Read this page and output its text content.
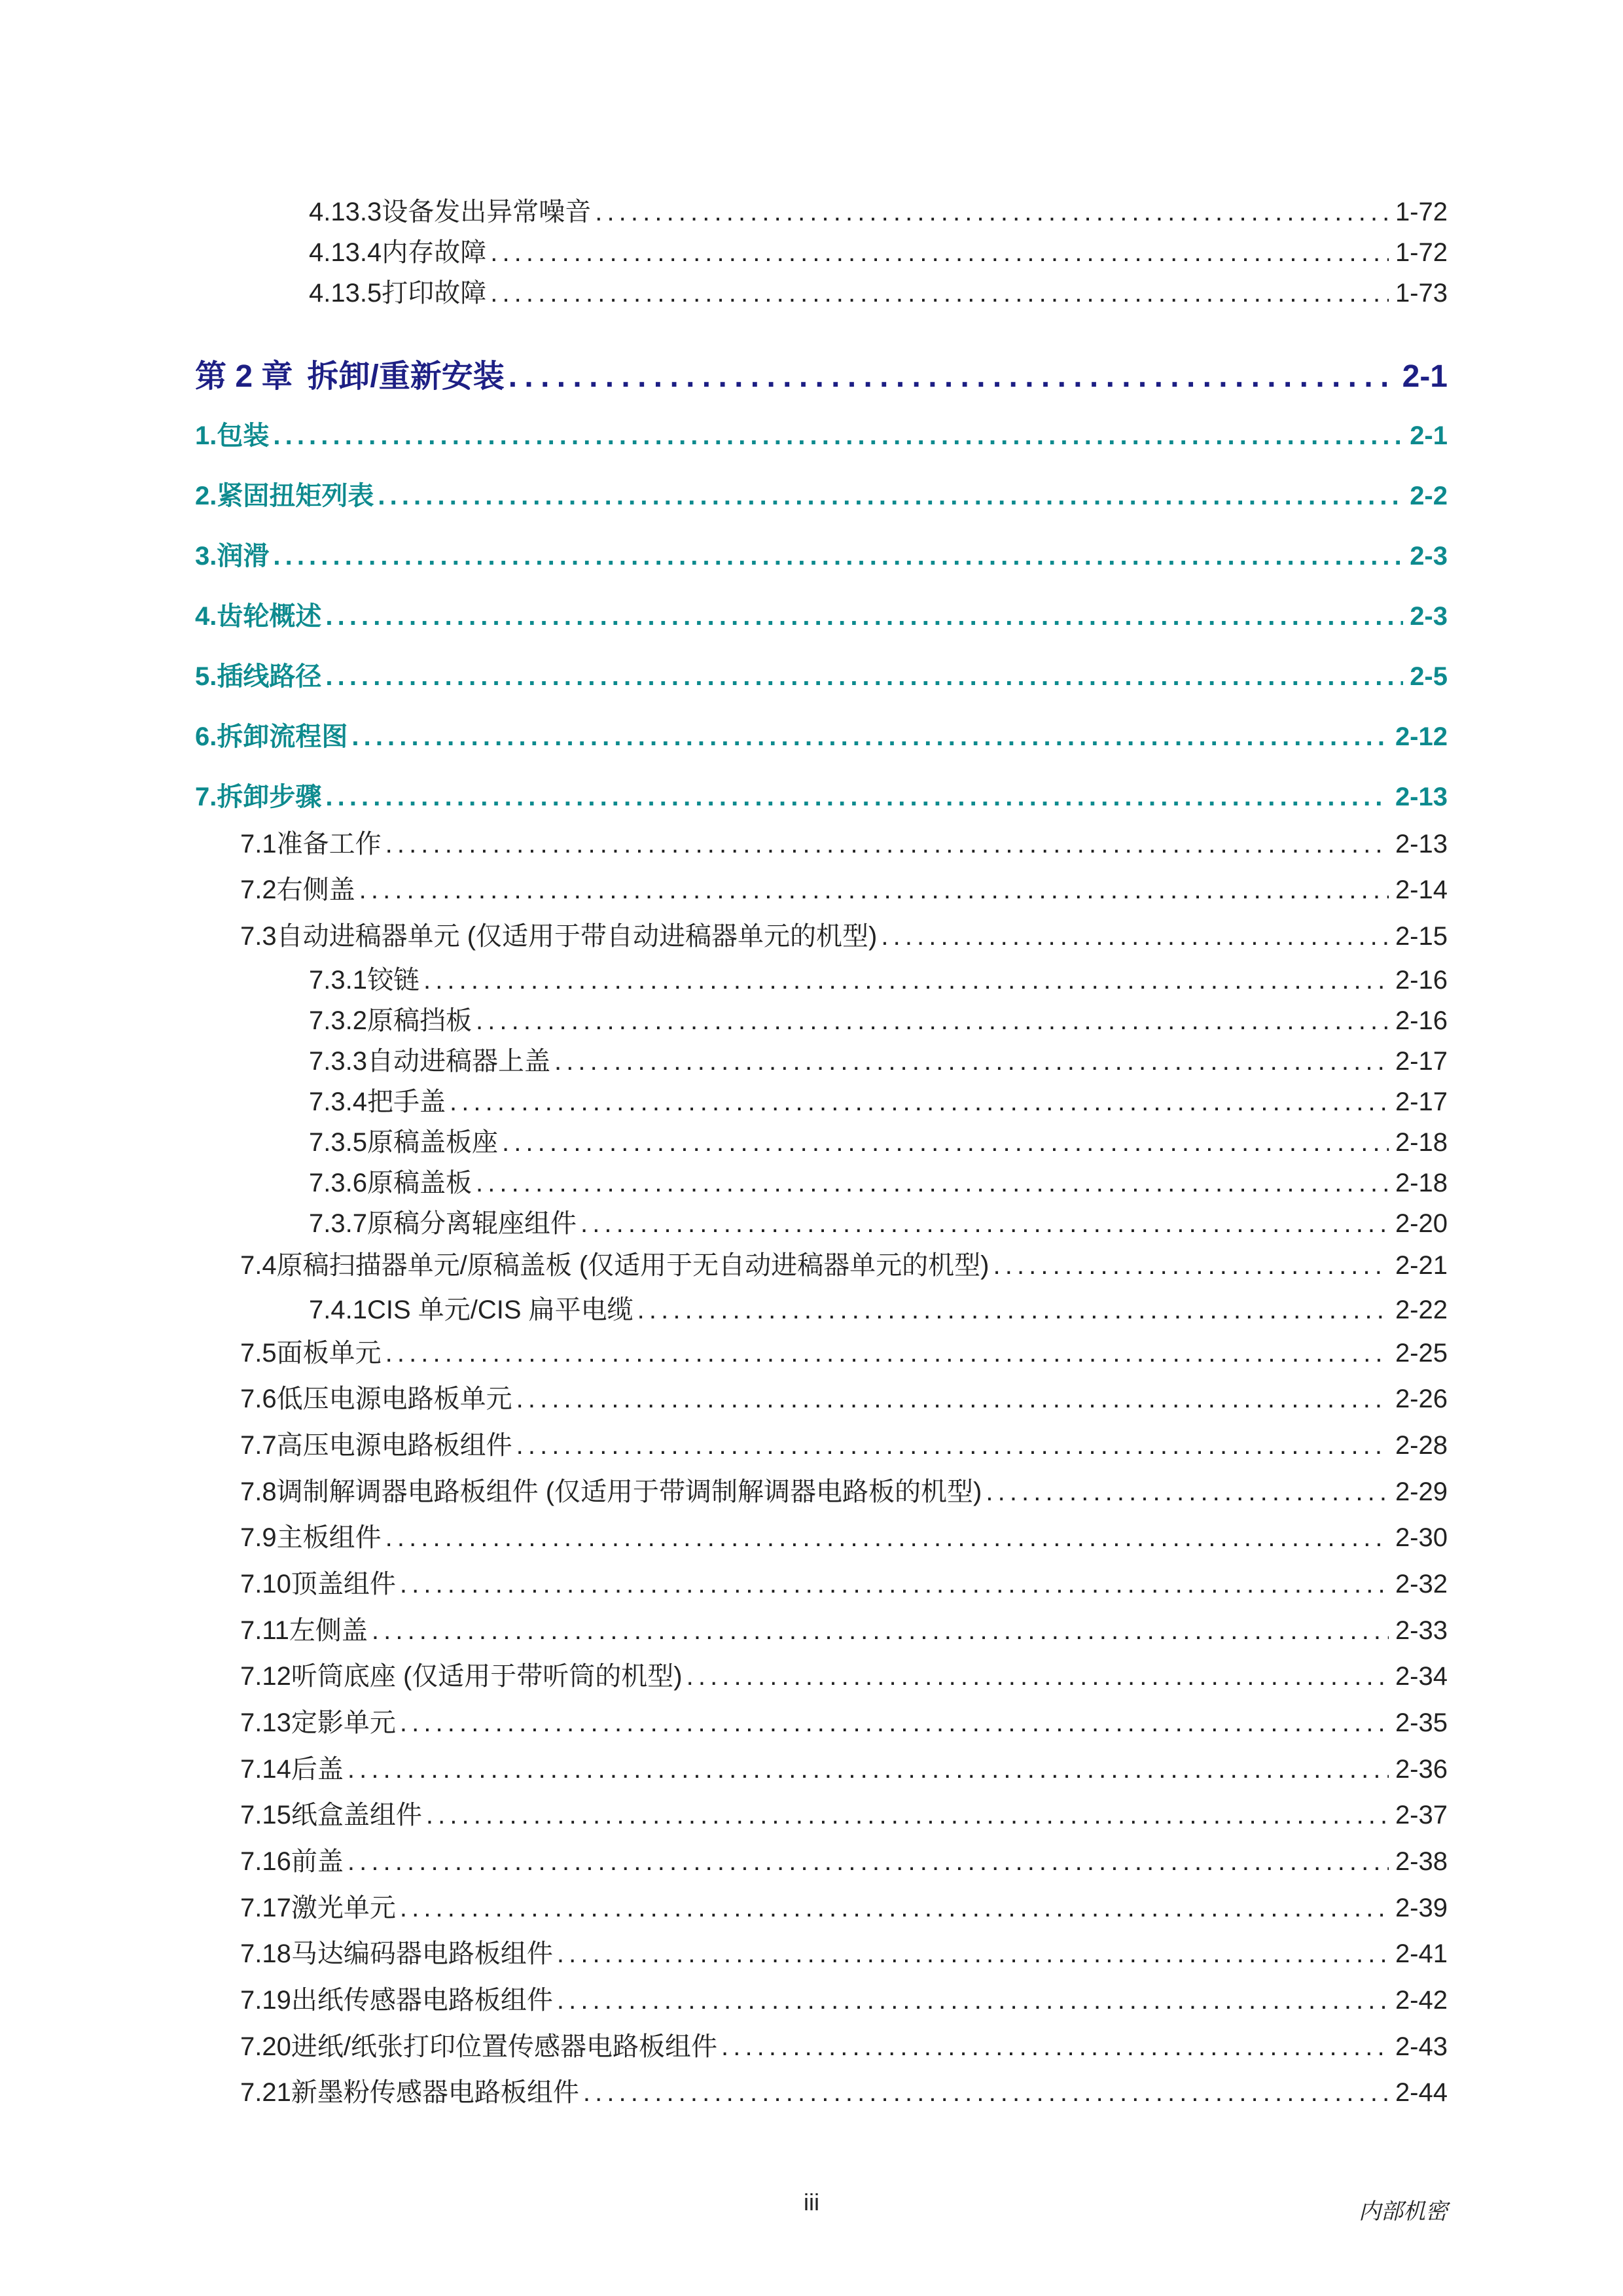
4.13.3 设备发出异常噪音 . . .	1-72
4.13.4 内存故障 . . .	1-72
4.13.5 打印故障 . . .	1-73
第 2 章 拆卸/重新安装 . . .	2-1
1. 包装 . . .	2-1
2. 紧固扭矩列表 . . .	2-2
3. 润滑 . . .	2-3
4. 齿轮概述 . . .	2-3
5. 插线路径 . . .	2-5
6. 拆卸流程图 . . .	2-12
7. 拆卸步骤 . . .	2-13
7.1 准备工作 . . .	2-13
7.2 右侧盖 . . .	2-14
7.3 自动进稿器单元 (仅适用于带自动进稿器单元的机型) . . .	2-15
7.3.1 铰链 . . .	2-16
7.3.2 原稿挡板 . . .	2-16
7.3.3 自动进稿器上盖 . . .	2-17
7.3.4 把手盖 . . .	2-17
7.3.5 原稿盖板座 . . .	2-18
7.3.6 原稿盖板 . . .	2-18
7.3.7 原稿分离辊座组件 . . .	2-20
7.4 原稿扫描器单元/原稿盖板 (仅适用于无自动进稿器单元的机型) . . .	2-21
7.4.1 CIS 单元/CIS 扁平电缆 . . .	2-22
7.5 面板单元 . . .	2-25
7.6 低压电源电路板单元 . . .	2-26
7.7 高压电源电路板组件 . . .	2-28
7.8 调制解调器电路板组件 (仅适用于带调制解调器电路板的机型) . . .	2-29
7.9 主板组件 . . .	2-30
7.10 顶盖组件 . . .	2-32
7.11 左侧盖 . . .	2-33
7.12 听筒底座 (仅适用于带听筒的机型) . . .	2-34
7.13 定影单元 . . .	2-35
7.14 后盖 . . .	2-36
7.15 纸盒盖组件 . . .	2-37
7.16 前盖 . . .	2-38
7.17 激光单元 . . .	2-39
7.18 马达编码器电路板组件 . . .	2-41
7.19 出纸传感器电路板组件 . . .	2-42
7.20 进纸/纸张打印位置传感器电路板组件 . . .	2-43
7.21 新墨粉传感器电路板组件 . . .	2-44
iii	内部机密
